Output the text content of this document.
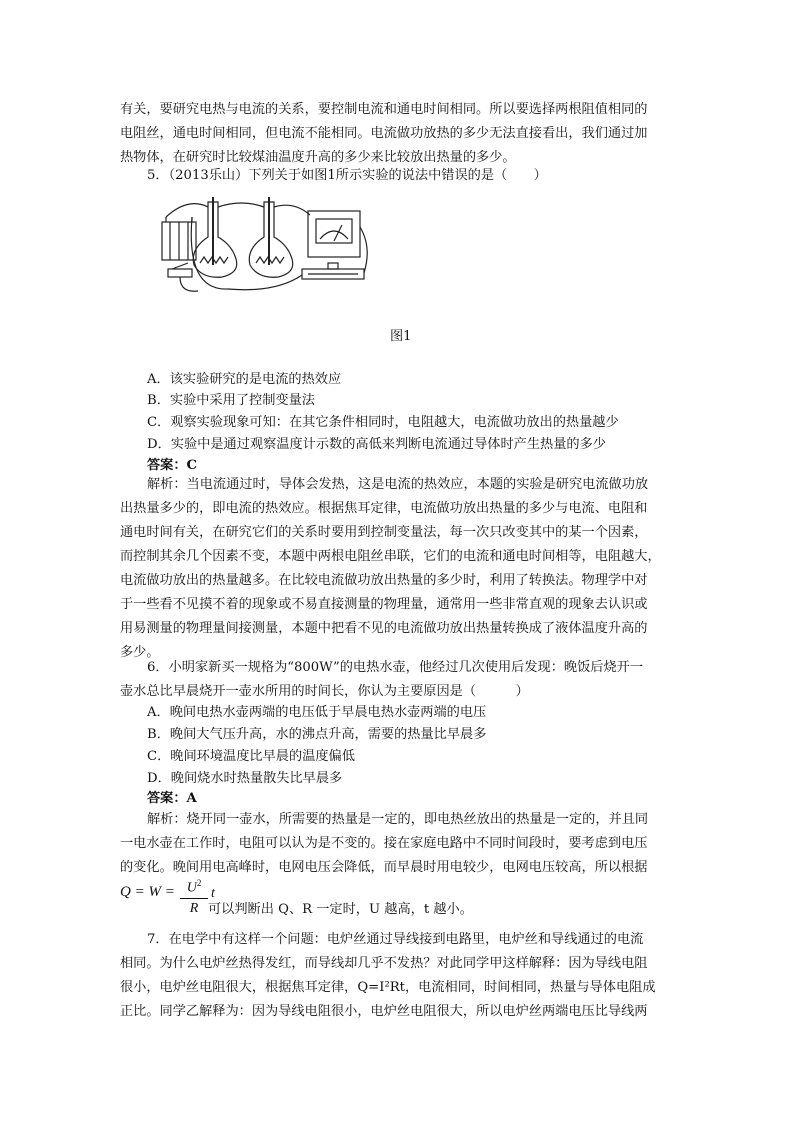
有关，要研究电热与电流的关系，要控制电流和通电时间相同。所以要选择两根阻值相同的
电阻丝，通电时间相同，但电流不能相同。电流做功放热的多少无法直接看出，我们通过加
热物体，在研究时比较煤油温度升高的多少来比较放出热量的多少。
5．（2013乐山）下列关于如图1所示实验的说法中错误的是（　　）
图1
A．该实验研究的是电流的热效应
B．实验中采用了控制变量法
C．观察实验现象可知：在其它条件相同时，电阻越大，电流做功放出的热量越少
D．实验中是通过观察温度计示数的高低来判断电流通过导体时产生热量的多少
答案：C
解析：当电流通过时，导体会发热，这是电流的热效应，本题的实验是研究电流做功放
出热量多少的，即电流的热效应。根据焦耳定律，电流做功放出热量的多少与电流、电阻和
通电时间有关，在研究它们的关系时要用到控制变量法，每一次只改变其中的某一个因素，
而控制其余几个因素不变，本题中两根电阻丝串联，它们的电流和通电时间相等，电阻越大，
电流做功放出的热量越多。在比较电流做功放出热量的多少时，利用了转换法。物理学中对
于一些看不见摸不着的现象或不易直接测量的物理量，通常用一些非常直观的现象去认识或
用易测量的物理量间接测量，本题中把看不见的电流做功放出热量转换成了液体温度升高的
多少。
6．小明家新买一规格为“800W”的电热水壶，他经过几次使用后发现：晚饭后烧开一
壶水总比早晨烧开一壶水所用的时间长，你认为主要原因是（　　　）
A．晚间电热水壶两端的电压低于早晨电热水壶两端的电压
B．晚间大气压升高，水的沸点升高，需要的热量比早晨多
C．晚间环境温度比早晨的温度偏低
D．晚间烧水时热量散失比早晨多
答案：A
解析：烧开同一壶水，所需要的热量是一定的，即电热丝放出的热量是一定的，并且同
一电水壶在工作时，电阻可以认为是不变的。接在家庭电路中不同时间段时，要考虑到电压
的变化。晚间用电高峰时，电网电压会降低，而早晨时用电较少，电网电压较高，所以根据
$Q = W = \frac{U^2}{R}$ t
可以判断出 Q、R 一定时，U 越高，t 越小。
7．在电学中有这样一个问题：电炉丝通过导线接到电路里，电炉丝和导线通过的电流
相同。为什么电炉丝热得发红，而导线却几乎不发热？对此同学甲这样解释：因为导线电阻
很小，电炉丝电阻很大，根据焦耳定律，Q=I²Rt，电流相同，时间相同，热量与导体电阻成
正比。同学乙解释为：因为导线电阻很小，电炉丝电阻很大，所以电炉丝两端电压比导线两
